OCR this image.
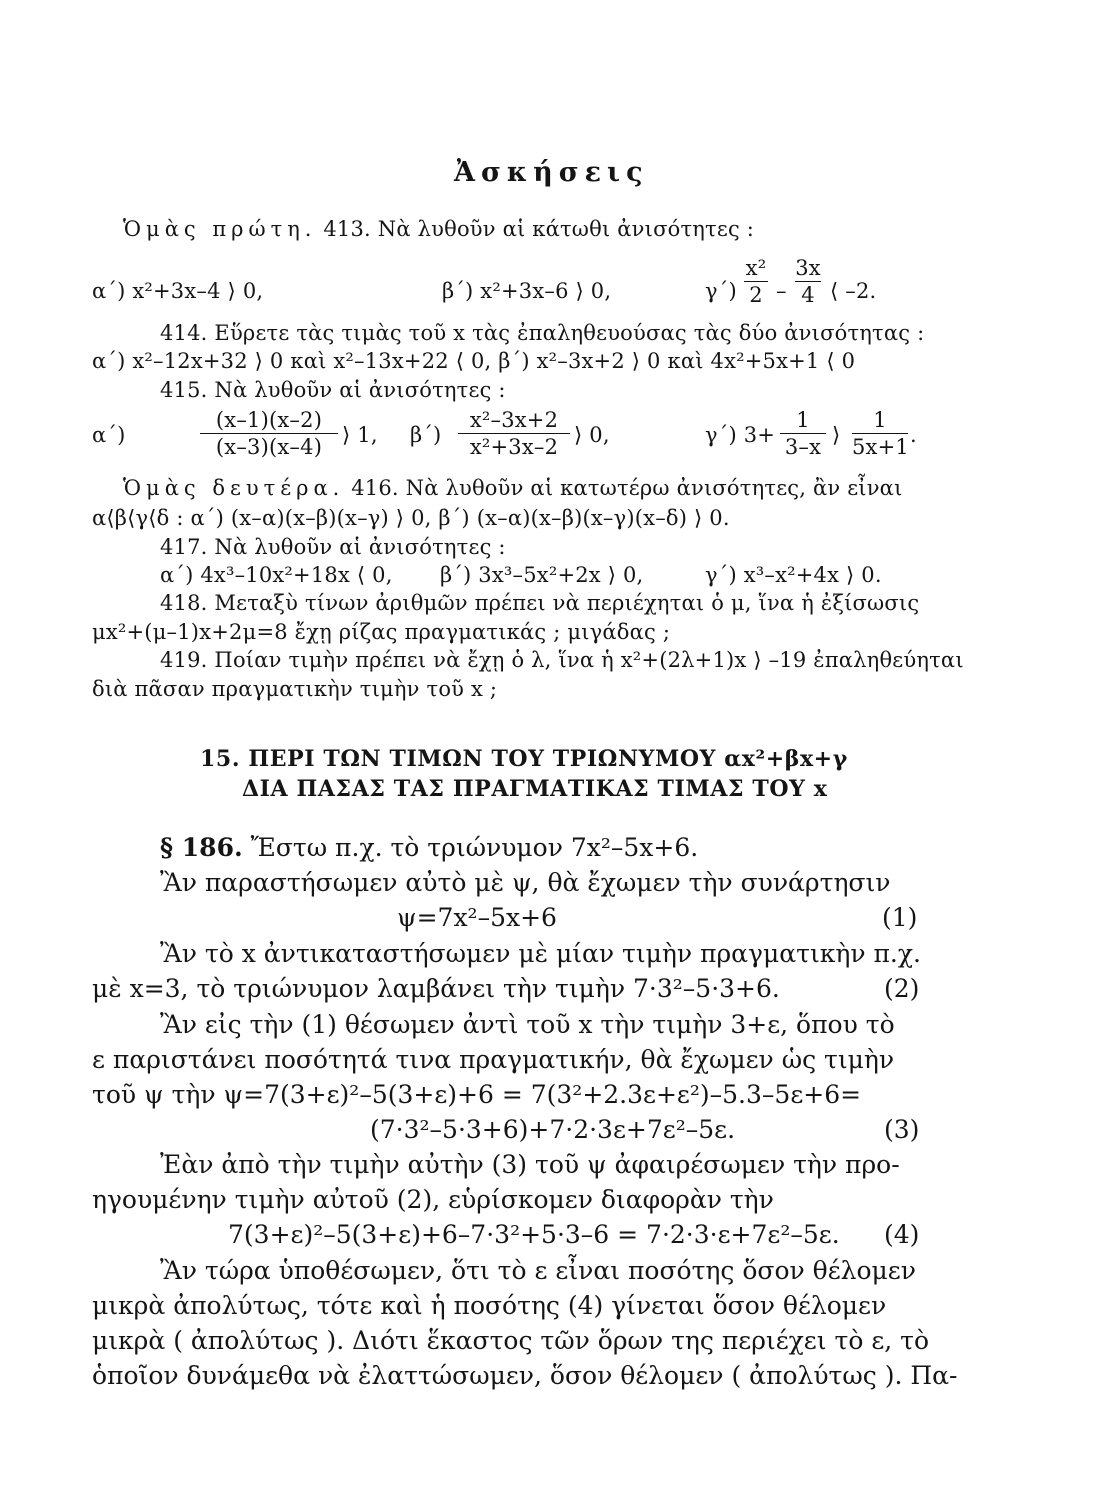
Ἀσκήσεις
Ὁμὰς πρώτη. 413. Νὰ λυθοῦν αἱ κάτωθι ἀνισότητες :
α΄) x²+3x–4 ⟩ 0,	β΄) x²+3x–6 ⟩ 0,	γ΄)
x²
2 –
3x
4 ⟨ –2.
414. Εὕρετε τὰς τιμὰς τοῦ x τὰς ἐπαληθευούσας τὰς δύο ἀνισότητας :
α΄) x²–12x+32 ⟩ 0 καὶ x²–13x+22 ⟨ 0, β΄) x²–3x+2 ⟩ 0 καὶ 4x²+5x+1 ⟨ 0
415. Νὰ λυθοῦν αἱ ἀνισότητες :
α΄)
(x–1)(x–2)
(x–3)(x–4) ⟩ 1, β΄)
x²–3x+2
x²+3x–2 ⟩ 0,	γ΄) 3+
1
3–x ⟩
1
5x+1 .
Ὁμὰς δευτέρα. 416. Νὰ λυθοῦν αἱ κατωτέρω ἀνισότητες, ἂν εἶναι
α⟨β⟨γ⟨δ : α΄) (x–α)(x–β)(x–γ) ⟩ 0, β΄) (x–α)(x–β)(x–γ)(x–δ) ⟩ 0.
417. Νὰ λυθοῦν αἱ ἀνισότητες :
α΄) 4x³–10x²+18x ⟨ 0, β΄) 3x³–5x²+2x ⟩ 0,	γ΄) x³–x²+4x ⟩ 0.
418. Μεταξὺ τίνων ἀριθμῶν πρέπει νὰ περιέχηται ὁ μ, ἵνα ἡ ἐξίσωσις
μx²+(μ–1)x+2μ=8 ἔχῃ ρίζας πραγματικάς ; μιγάδας ;
419. Ποίαν τιμὴν πρέπει νὰ ἔχῃ ὁ λ, ἵνα ἡ x²+(2λ+1)x ⟩ –19 ἐπαληθεύηται
διὰ πᾶσαν πραγματικὴν τιμὴν τοῦ x ;
15. ΠΕΡΙ ΤΩΝ ΤΙΜΩΝ ΤΟΥ ΤΡΙΩΝΥΜΟΥ αx²+βx+γ
ΔΙΑ ΠΑΣΑΣ ΤΑΣ ΠΡΑΓΜΑΤΙΚΑΣ ΤΙΜΑΣ ΤΟΥ x
§ 186. Ἔστω π.χ. τὸ τριώνυμον 7x²–5x+6.
Ἂν παραστήσωμεν αὐτὸ μὲ ψ, θὰ ἔχωμεν τὴν συνάρτησιν
ψ=7x²–5x+6	(1)
Ἂν τὸ x ἀντικαταστήσωμεν μὲ μίαν τιμὴν πραγματικὴν π.χ.
μὲ x=3, τὸ τριώνυμον λαμβάνει τὴν τιμὴν 7·3²–5·3+6.	(2)
Ἂν εἰς τὴν (1) θέσωμεν ἀντὶ τοῦ x τὴν τιμὴν 3+ε, ὅπου τὸ
ε παριστάνει ποσότητά τινα πραγματικήν, θὰ ἔχωμεν ὡς τιμὴν
τοῦ ψ τὴν ψ=7(3+ε)²–5(3+ε)+6 = 7(3²+2.3ε+ε²)–5.3–5ε+6=
(7·3²–5·3+6)+7·2·3ε+7ε²–5ε.	(3)
Ἐὰν ἀπὸ τὴν τιμὴν αὐτὴν (3) τοῦ ψ ἀφαιρέσωμεν τὴν προ-
ηγουμένην τιμὴν αὐτοῦ (2), εὑρίσκομεν διαφορὰν τὴν
7(3+ε)²–5(3+ε)+6–7·3²+5·3–6 = 7·2·3·ε+7ε²–5ε. (4)
Ἂν τώρα ὑποθέσωμεν, ὅτι τὸ ε εἶναι ποσότης ὅσον θέλομεν
μικρὰ ἀπολύτως, τότε καὶ ἡ ποσότης (4) γίνεται ὅσον θέλομεν
μικρὰ ( ἀπολύτως ). Διότι ἕκαστος τῶν ὅρων της περιέχει τὸ ε, τὸ
ὁποῖον δυνάμεθα νὰ ἐλαττώσωμεν, ὅσον θέλομεν ( ἀπολύτως ). Πα-
